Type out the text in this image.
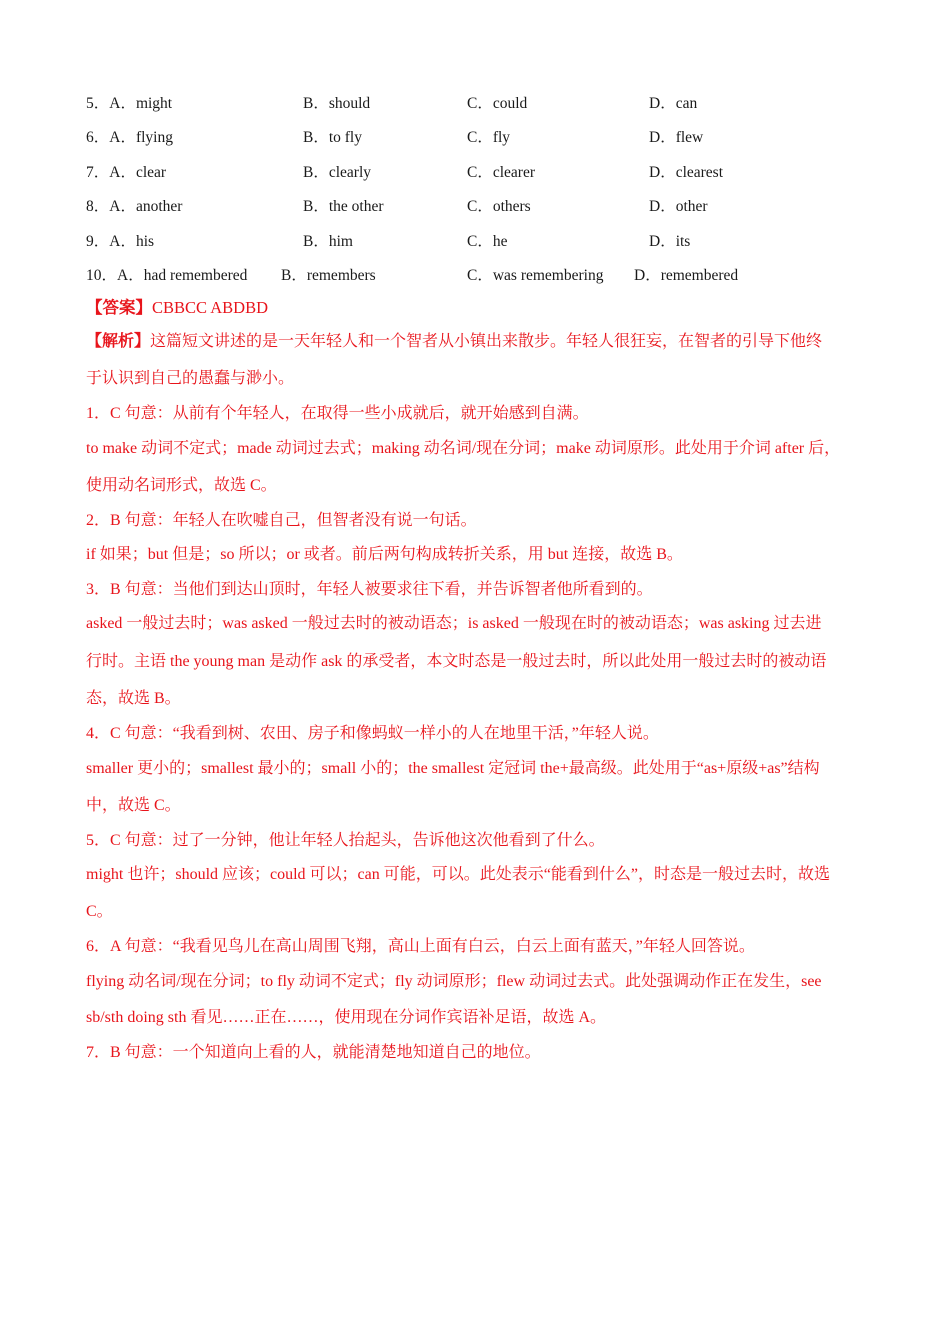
5．A．might	B．should	C．could	D．can
6．A．flying	B．to fly	C．fly	D．flew
7．A．clear	B．clearly	C．clearer	D．clearest
8．A．another	B．the other	C．others	D．other
9．A．his	B．him	C．he	D．its
10．A．had remembered B．remembers	C．was remembering D．remembered
【答案】CBBCC ABDBD
【解析】这篇短文讲述的是一天年轻人和一个智者从小镇出来散步。年轻人很狂妄，在智者的引导下他终
于认识到自己的愚蠢与渺小。
1．C 句意：从前有个年轻人，在取得一些小成就后，就开始感到自满。
to make 动词不定式；made 动词过去式；making 动名词/现在分词；make 动词原形。此处用于介词 after 后，
使用动名词形式，故选 C。
2．B 句意：年轻人在吹嘘自己，但智者没有说一句话。
if 如果；but 但是；so 所以；or 或者。前后两句构成转折关系，用 but 连接，故选 B。
3．B 句意：当他们到达山顶时，年轻人被要求往下看，并告诉智者他所看到的。
asked 一般过去时；was asked 一般过去时的被动语态；is asked 一般现在时的被动语态；was asking 过去进
行时。主语 the young man 是动作 ask 的承受者，本文时态是一般过去时，所以此处用一般过去时的被动语
态，故选 B。
4．C 句意：“我看到树、农田、房子和像蚂蚁一样小的人在地里干活，”年轻人说。
smaller 更小的；smallest 最小的；small 小的；the smallest 定冠词 the+最高级。此处用于“as+原级+as”结构
中，故选 C。
5．C 句意：过了一分钟，他让年轻人抬起头，告诉他这次他看到了什么。
might 也许；should 应该；could 可以；can 可能，可以。此处表示“能看到什么”，时态是一般过去时，故选
C。
6．A 句意：“我看见鸟儿在高山周围飞翔，高山上面有白云，白云上面有蓝天，”年轻人回答说。
flying 动名词/现在分词；to fly 动词不定式；fly 动词原形；flew 动词过去式。此处强调动作正在发生，see
sb/sth doing sth 看见……正在……，使用现在分词作宾语补足语，故选 A。
7．B 句意：一个知道向上看的人，就能清楚地知道自己的地位。
